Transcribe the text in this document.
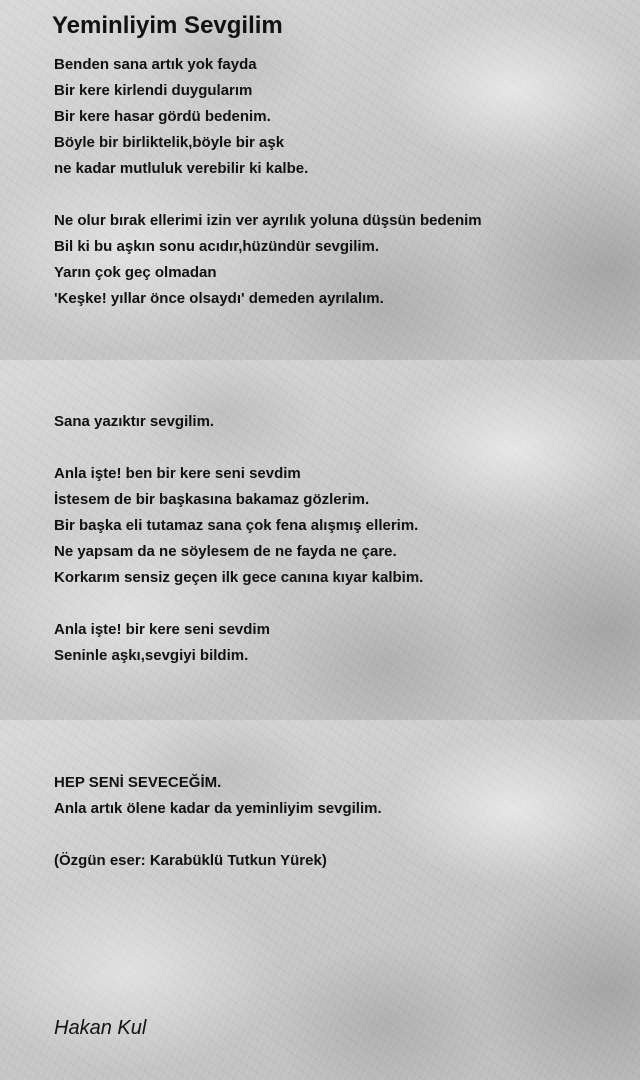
Yeminliyim Sevgilim
Benden sana artık yok fayda
Bir kere kirlendi duygularım
Bir kere hasar gördü bedenim.
Böyle bir birliktelik,böyle bir aşk
ne kadar mutluluk verebilir ki kalbe.
Ne olur bırak ellerimi izin ver ayrılık yoluna düşsün bedenim
Bil ki bu aşkın sonu acıdır,hüzündür sevgilim.
Yarın çok geç olmadan
'Keşke! yıllar önce olsaydı' demeden ayrılalım.
Sana yazıktır sevgilim.
Anla işte! ben bir kere seni sevdim
İstesem de bir başkasına bakamaz gözlerim.
Bir başka eli tutamaz sana çok fena alışmış ellerim.
Ne yapsam da ne söylesem de ne fayda ne çare.
Korkarım sensiz geçen ilk gece canına kıyar kalbim.
Anla işte! bir kere seni sevdim
Seninle aşkı,sevgiyi bildim.
HEP SENİ SEVECEĞİM.
Anla artık ölene kadar da yeminliyim sevgilim.
(Özgün eser: Karabüklü Tutkun Yürek)

Hakan Kul
